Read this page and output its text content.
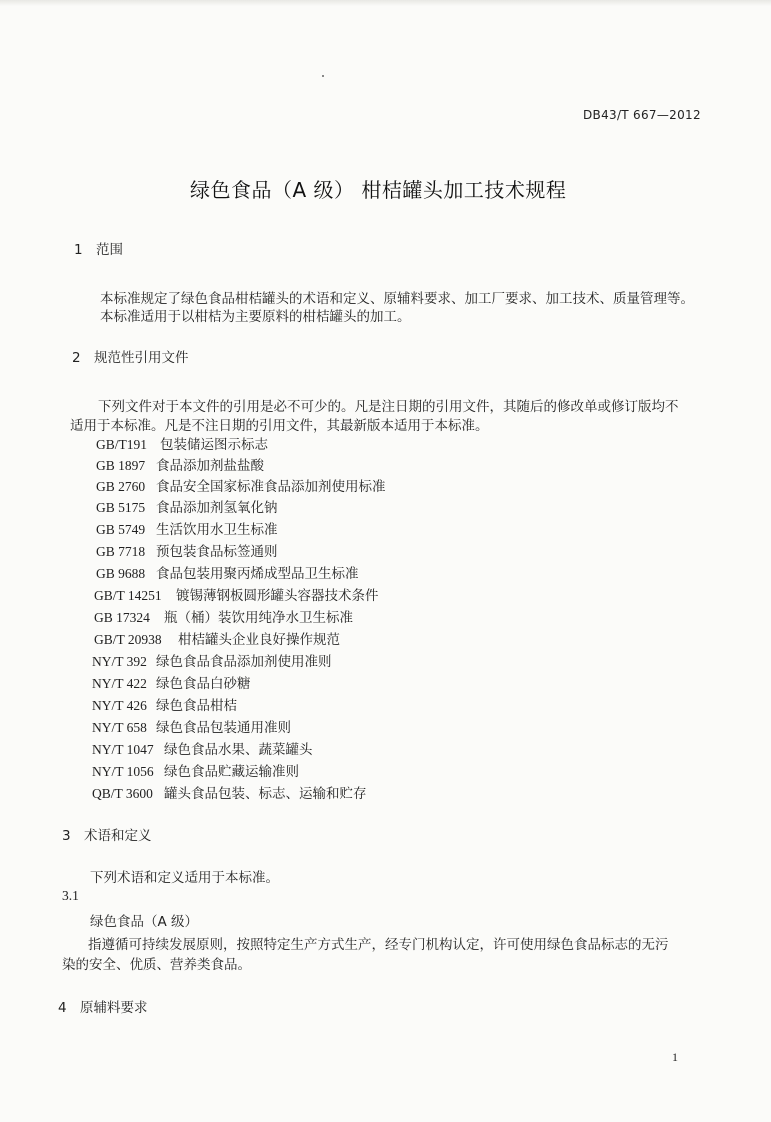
DB43/T 667—2012
绿色食品（A 级） 柑桔罐头加工技术规程
1 范围
本标准规定了绿色食品柑桔罐头的术语和定义、原辅料要求、加工厂要求、加工技术、质量管理等。
本标准适用于以柑桔为主要原料的柑桔罐头的加工。
2 规范性引用文件
下列文件对于本文件的引用是必不可少的。凡是注日期的引用文件，其随后的修改单或修订版均不
适用于本标准。凡是不注日期的引用文件，其最新版本适用于本标准。
GB/T191 包装储运图示标志
GB 1897 食品添加剂盐盐酸
GB 2760 食品安全国家标准食品添加剂使用标准
GB 5175 食品添加剂氢氧化钠
GB 5749 生活饮用水卫生标准
GB 7718 预包装食品标签通则
GB 9688 食品包装用聚丙烯成型品卫生标准
GB/T 14251 镀锡薄钢板圆形罐头容器技术条件
GB 17324 瓶（桶）装饮用纯净水卫生标准
GB/T 20938 柑桔罐头企业良好操作规范
NY/T 392 绿色食品食品添加剂使用准则
NY/T 422 绿色食品白砂糖
NY/T 426 绿色食品柑桔
NY/T 658 绿色食品包装通用准则
NY/T 1047 绿色食品水果、蔬菜罐头
NY/T 1056 绿色食品贮藏运输准则
QB/T 3600 罐头食品包装、标志、运输和贮存
3 术语和定义
下列术语和定义适用于本标准。
3.1
绿色食品（A 级）
指遵循可持续发展原则，按照特定生产方式生产，经专门机构认定，许可使用绿色食品标志的无污
染的安全、优质、营养类食品。
4 原辅料要求
1
